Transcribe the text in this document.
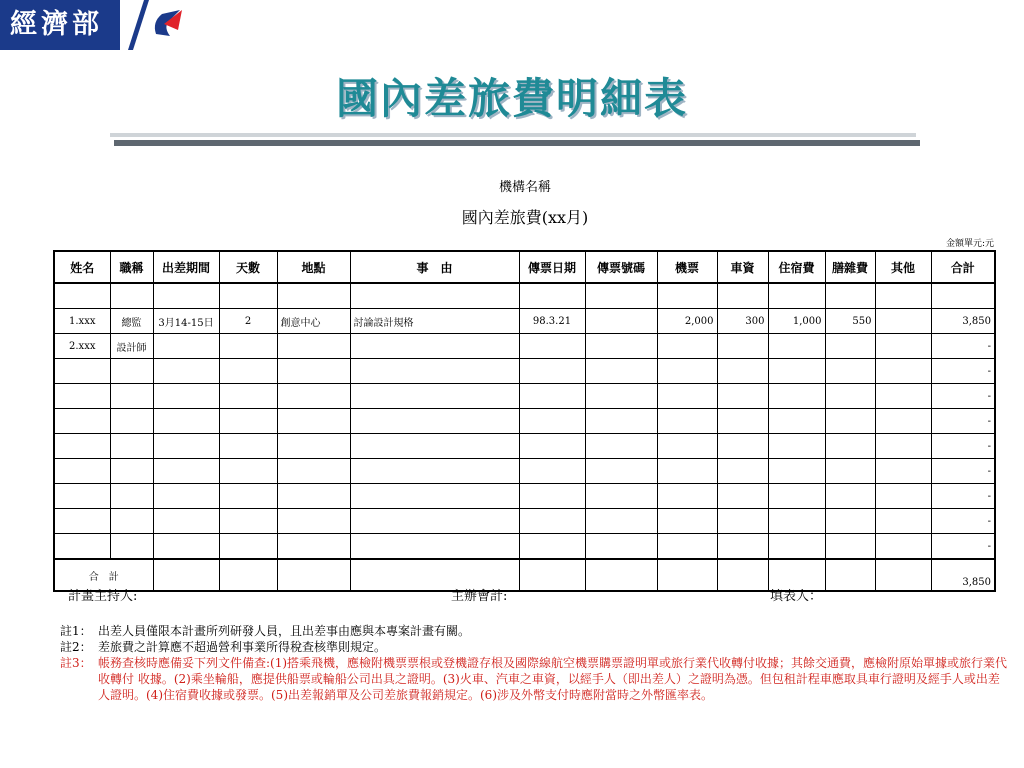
經濟部
國內差旅費明細表
機構名稱
國內差旅費(xx月)
金額單元:元
姓名	職稱	出差期間	天數	地點	事　由	傳票日期	傳票號碼	機票	車資	住宿費	膳雜費	其他	合計

1.xxx	總監	3月14-15日	2	創意中心	討論設計規格	98.3.21		2,000	300	1,000	550		3,850
2.xxx	設計師												-
													-
													-
													-
													-
													-
													-
													-
													-
合　計													3,850
計畫主持人:	主辦會計:	填表人：
註1： 出差人員僅限本計畫所列研發人員，且出差事由應與本專案計畫有關。
註2： 差旅費之計算應不超過營利事業所得稅查核準則規定。
註3： 帳務查核時應備妥下列文件備查:(1)搭乘飛機，應檢附機票票根或登機證存根及國際線航空機票購票證明單或旅行業代收轉付收據；其餘交通費，應檢附原始單據或旅行業代收轉付 收據。(2)乘坐輪船，應提供船票或輪船公司出具之證明。(3)火車、汽車之車資，以經手人（即出差人）之證明為憑。但包租計程車應取具車行證明及經手人或出差人證明。(4)住宿費收據或發票。(5)出差報銷單及公司差旅費報銷規定。(6)涉及外幣支付時應附當時之外幣匯率表。
